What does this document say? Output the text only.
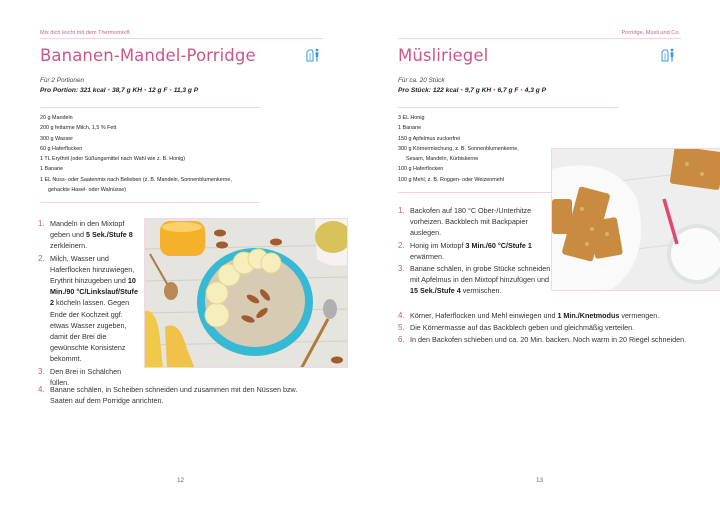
Mix dich leicht mit dem Thermomix®
Bananen-Mandel-Porridge
Für 2 Portionen
Pro Portion: 321 kcal • 38,7 g KH • 12 g F • 11,3 g P
20 g Mandeln
200 g fettarme Milch, 1,5 % Fett
300 g Wasser
60 g Haferflocken
1 TL Erythrit (oder Süßungsmittel nach Wahl wie z. B. Honig)
1 Banane
1 EL Nuss- oder Saatenmix nach Belieben (z. B. Mandeln, Sonnenblumenkerne,
gehackte Hasel- oder Walnüsse)
1. Mandeln in den Mixtopf geben und 5 Sek./Stufe 8 zerkleinern.
2. Milch, Wasser und Haferflocken hinzuwiegen, Erythrit hinzugeben und 10 Min./90 °C/Linkslauf/Stufe 2 köcheln lassen. Gegen Ende der Kochzeit ggf. etwas Wasser zugeben, damit der Brei die gewünschte Konsistenz bekommt.
3. Den Brei in Schälchen füllen.
4. Banane schälen, in Scheiben schneiden und zusammen mit den Nüssen bzw. Saaten auf dem Porridge anrichten.
12
Porridge, Müsli und Co.
Müsliriegel
Für ca. 20 Stück
Pro Stück: 122 kcal • 9,7 g KH • 6,7 g F • 4,3 g P
3 EL Honig
1 Banane
150 g Apfelmus zuckerfrei
300 g Körnermischung, z. B. Sonnenblumenkerne,
Sesam, Mandeln, Kürbiskerne
100 g Haferflocken
100 g Mehl, z. B. Roggen- oder Weizenmehl
1. Backofen auf 180 °C Ober-/Unterhitze vorheizen. Backblech mit Backpapier auslegen.
2. Honig im Mixtopf 3 Min./60 °C/Stufe 1 erwärmen.
3. Banane schälen, in grobe Stücke schneiden, mit Apfelmus in den Mixtopf hinzufügen und 15 Sek./Stufe 4 vermischen.
4. Körner, Haferflocken und Mehl einwiegen und 1 Min./Knetmodus vermengen.
5. Die Körnermasse auf das Backblech geben und gleichmäßig verteilen.
6. In den Backofen schieben und ca. 20 Min. backen. Noch warm in 20 Riegel schneiden.
13
